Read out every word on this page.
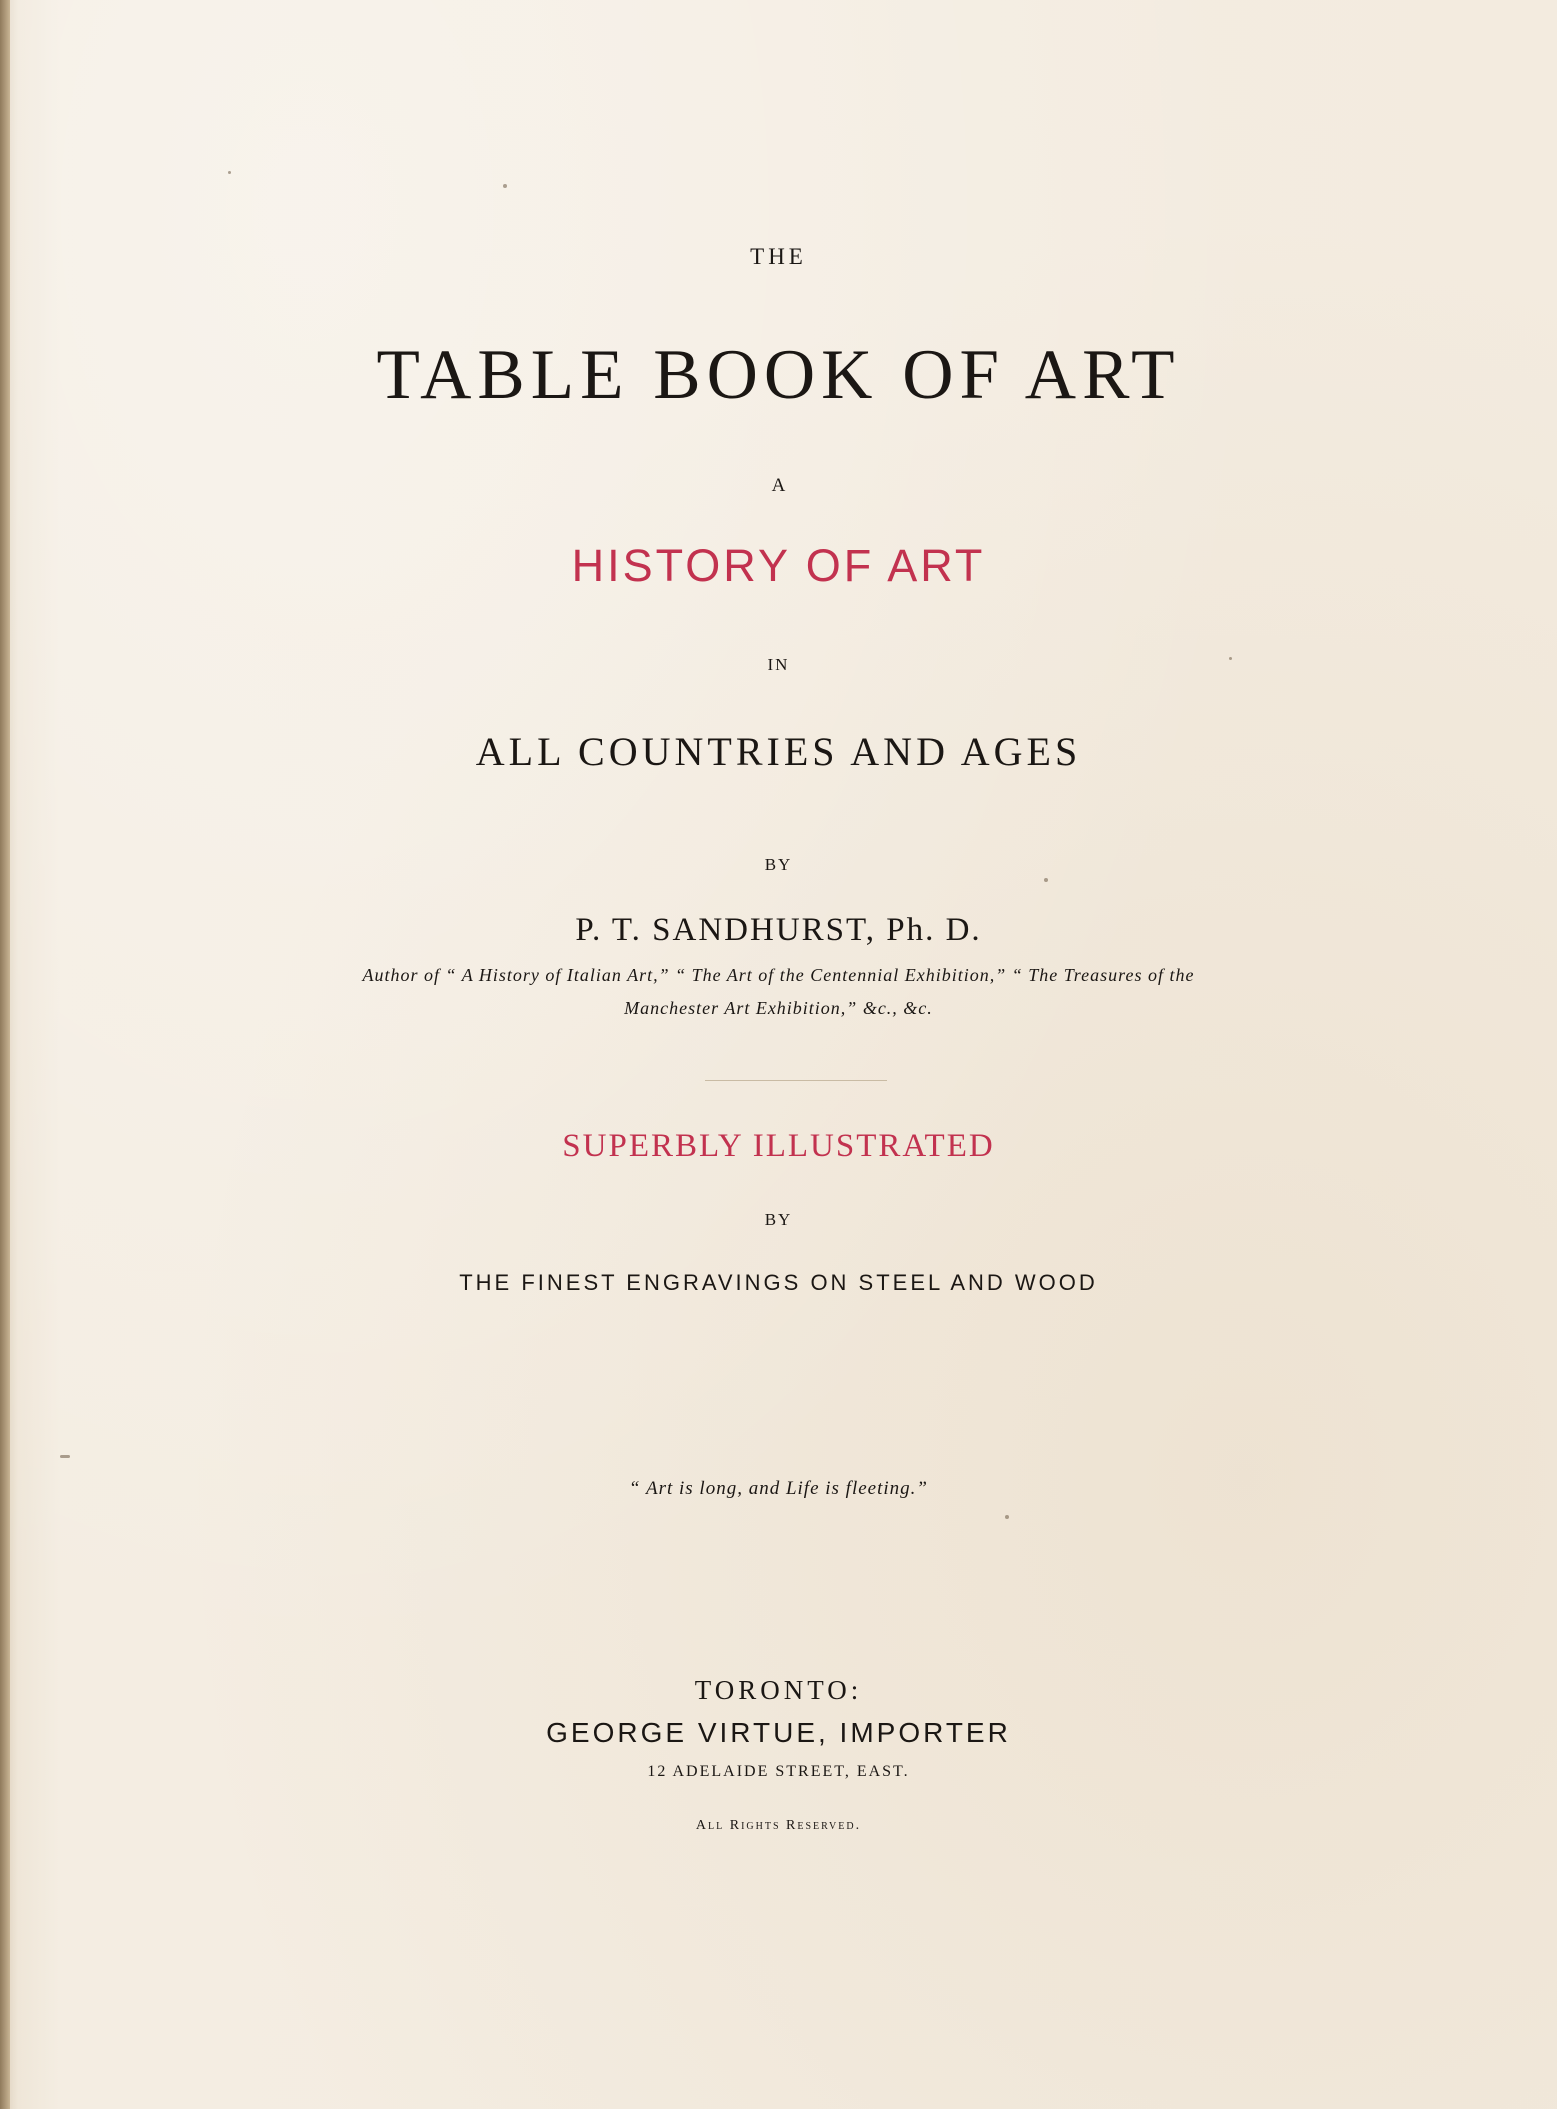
THE
TABLE BOOK OF ART
A
HISTORY OF ART
IN
ALL COUNTRIES AND AGES
BY
P. T. SANDHURST, Ph. D.
Author of “ A History of Italian Art,” “ The Art of the Centennial Exhibition,” “ The Treasures of the
Manchester Art Exhibition,” &c., &c.
SUPERBLY ILLUSTRATED
BY
THE FINEST ENGRAVINGS ON STEEL AND WOOD
“ Art is long, and Life is fleeting.”
TORONTO:
GEORGE VIRTUE, IMPORTER
12 ADELAIDE STREET, EAST.
All Rights Reserved.
